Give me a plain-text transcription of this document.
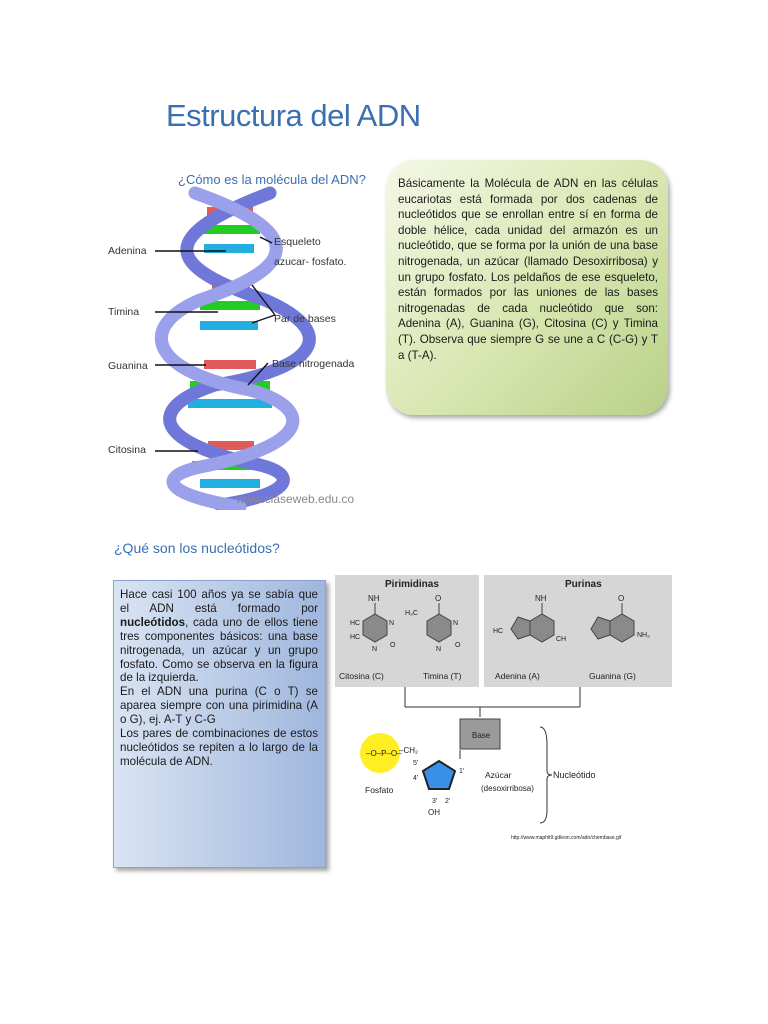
Estructura del ADN
¿Cómo es la molécula del ADN?
Adenina
Timina
Guanina
Citosina
Esqueleto
azucar- fosfato.
Par de bases
Base nitrogenada
www.claseweb.edu.co
Básicamente la Molécula de ADN en las células eucariotas está formada por dos cadenas de nucleótidos que se enrollan entre sí en forma de doble hélice, cada unidad del armazón es un nucleótido, que se forma por la unión de una base nitrogenada, un azúcar (llamado Desoxirribosa) y un grupo fosfato. Los peldaños de ese esqueleto, están formados por las uniones de las bases nitrogenadas de cada nucleótido que son: Adenina (A), Guanina (G), Citosina (C) y Timina (T). Observa que siempre G se une a C (C-G) y T a (T-A).
¿Qué son los nucleótidos?
Hace casi 100 años ya se sabía que el ADN está formado por nucleótidos, cada uno de ellos tiene tres componentes básicos: una base nitrogenada, un azúcar y un grupo fosfato. Como se observa en la figura de la izquierda.
En el ADN una purina (C o T) se aparea siempre con una pirimidina (A o G), ej. A-T y C-G
Los pares de combinaciones de estos nucleótidos se repiten a lo largo de la molécula de ADN.
Pirimidinas	Purinas
NH
HC
HC
N
N
O
Citosina (C)
O
H₃C
N
N
O
Timina (T)
NH
HC
CH
Adenina (A)
O
NH₂
Guanina (G)
Base
–O–P–O–
–CH₂
5'
4'
1'
3' 2'
OH
Fosfato
Azúcar
(desoxirribosa)
Nucleótido
http://www.maphit9.gdleon.com/adn/chembase.gif
